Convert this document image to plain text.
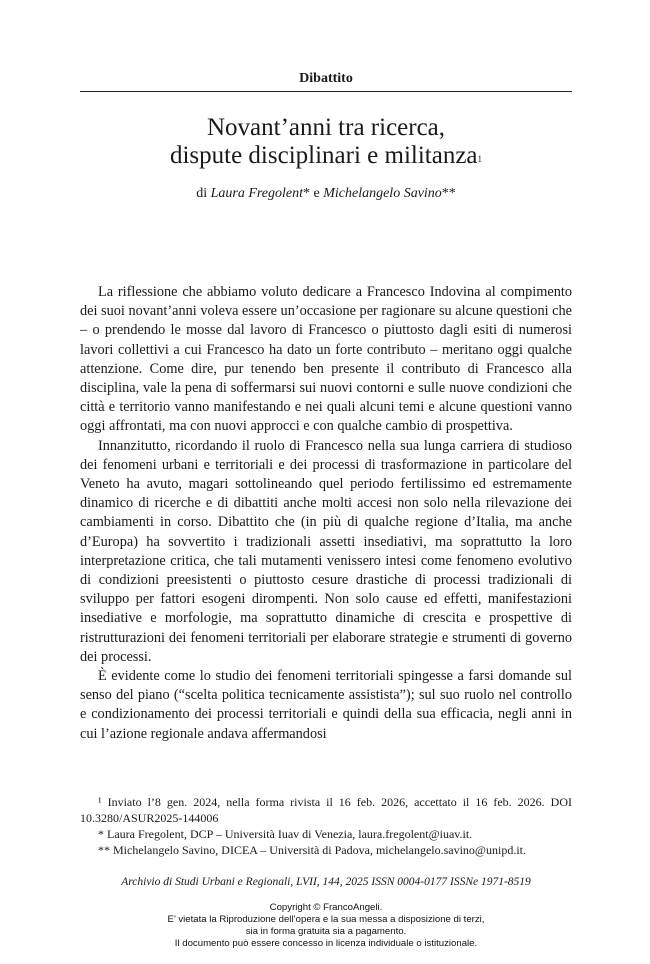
Dibattito
Novant’anni tra ricerca,
dispute disciplinari e militanza$^1$
di Laura Fregolent* e Michelangelo Savino**

La riflessione che abbiamo voluto dedicare a Francesco Indovina al compimento dei suoi novant’anni voleva essere un’occasione per ragionare su alcune questioni che – o prendendo le mosse dal lavoro di Francesco o piuttosto dagli esiti di numerosi lavori collettivi a cui Francesco ha dato un forte contributo – meritano oggi qualche attenzione. Come dire, pur tenendo ben presente il contributo di Francesco alla disciplina, vale la pena di soffermarsi sui nuovi contorni e sulle nuove condizioni che città e territorio vanno manifestando e nei quali alcuni temi e alcune questioni vanno oggi affrontati, ma con nuovi approcci e con qualche cambio di prospettiva.

Innanzitutto, ricordando il ruolo di Francesco nella sua lunga carriera di studioso dei fenomeni urbani e territoriali e dei processi di trasformazione in particolare del Veneto ha avuto, magari sottolineando quel periodo fertilissimo ed estremamente dinamico di ricerche e di dibattiti anche molti accesi non solo nella rilevazione dei cambiamenti in corso. Dibattito che (in più di qualche regione d’Italia, ma anche d’Europa) ha sovvertito i tradizionali assetti insediativi, ma soprattutto la loro interpretazione critica, che tali mutamenti venissero intesi come fenomeno evolutivo di condizioni preesistenti o piuttosto cesure drastiche di processi tradizionali di sviluppo per fattori esogeni dirompenti. Non solo cause ed effetti, manifestazioni insediative e morfologie, ma soprattutto dinamiche di crescita e prospettive di ristrutturazioni dei fenomeni territoriali per elaborare strategie e strumenti di governo dei processi.

È evidente come lo studio dei fenomeni territoriali spingesse a farsi domande sul senso del piano (“scelta politica tecnicamente assistista”); sul suo ruolo nel controllo e condizionamento dei processi territoriali e quindi della sua efficacia, negli anni in cui l’azione regionale andava affermandosi

¹ Inviato l’8 gen. 2024, nella forma rivista il 16 feb. 2026, accettato il 16 feb. 2026. DOI 10.3280/ASUR2025-144006

* Laura Fregolent, DCP – Università Iuav di Venezia, laura.fregolent@iuav.it.

** Michelangelo Savino, DICEA – Università di Padova, michelangelo.savino@unipd.it.

Archivio di Studi Urbani e Regionali, LVII, 144, 2025 ISSN 0004-0177 ISSNe 1971-8519
Copyright © FrancoAngeli.
E’ vietata la Riproduzione dell’opera e la sua messa a disposizione di terzi,
sia in forma gratuita sia a pagamento.
Il documento può essere concesso in licenza individuale o istituzionale.
